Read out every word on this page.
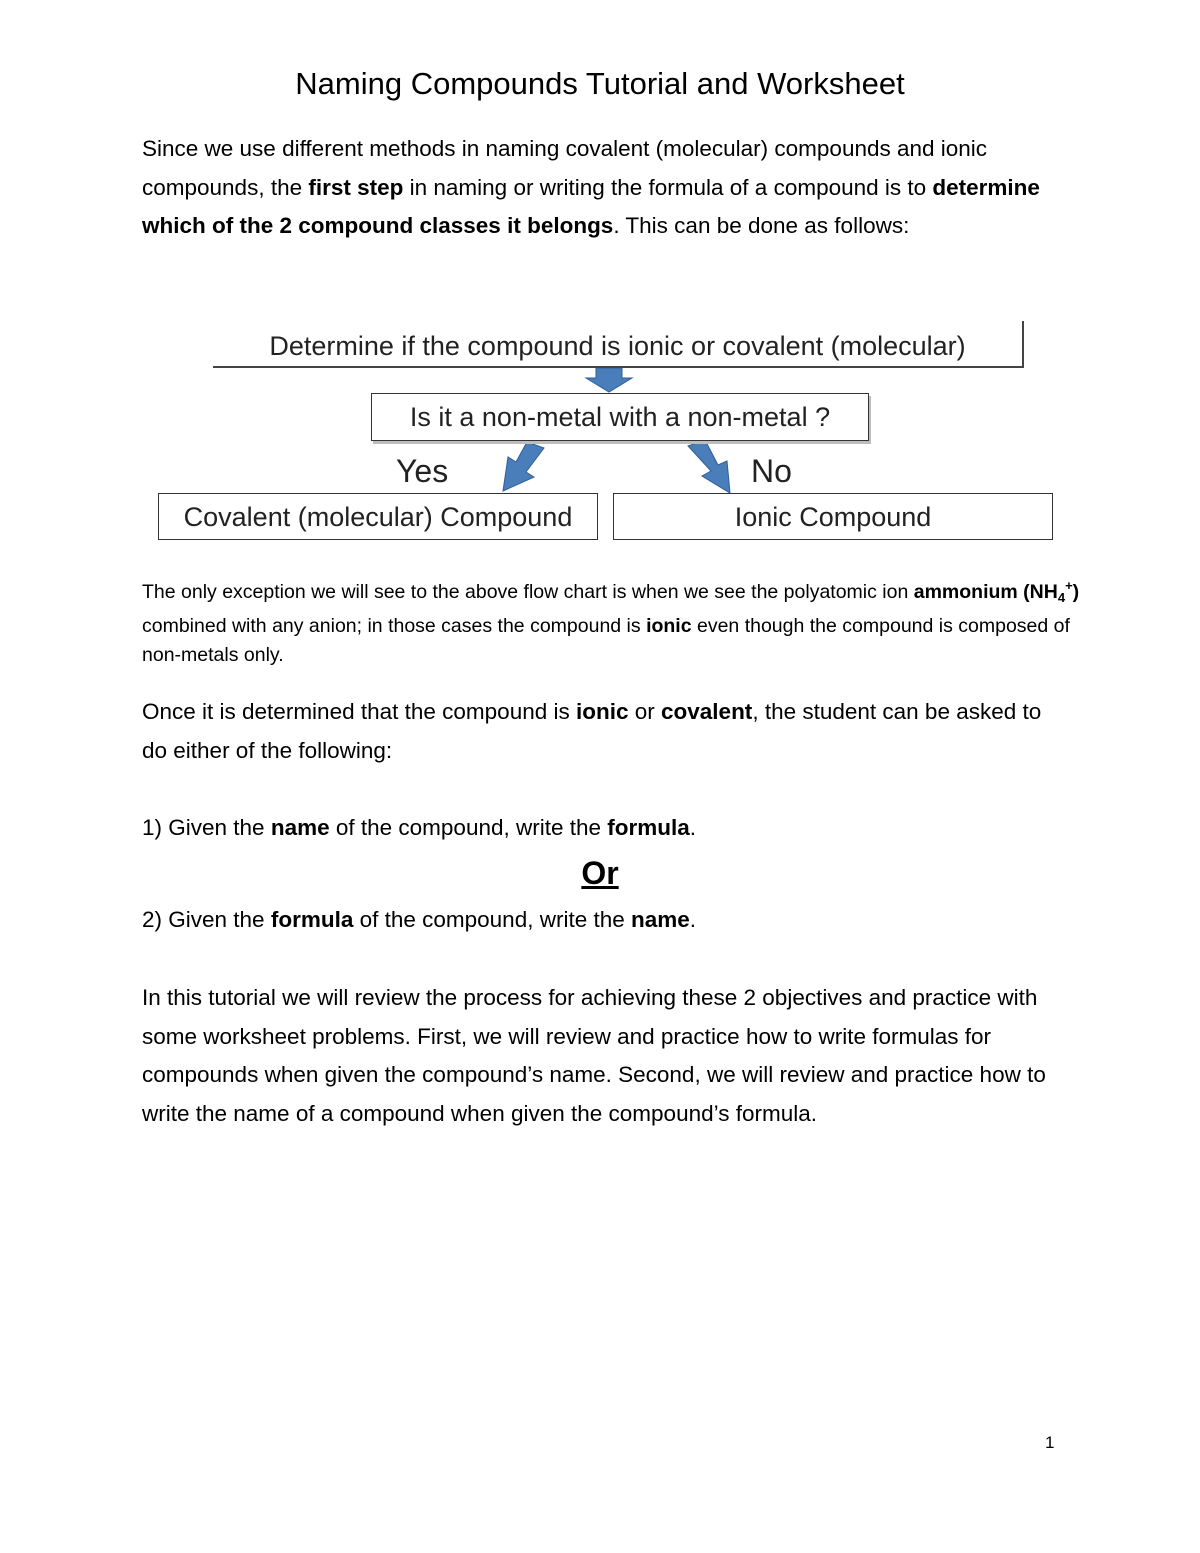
Naming Compounds Tutorial and Worksheet
Since we use different methods in naming covalent (molecular) compounds and ionic compounds, the first step in naming or writing the formula of a compound is to determine which of the 2 compound classes it belongs. This can be done as follows:
Determine if the compound is ionic or covalent (molecular)
Is it a non-metal with a non-metal ?
Yes	No
Covalent (molecular) Compound	Ionic Compound
The only exception we will see to the above flow chart is when we see the polyatomic ion ammonium $(NH_4^+)$ combined with any anion; in those cases the compound is ionic even though the compound is composed of non-metals only.
Once it is determined that the compound is ionic or covalent, the student can be asked to do either of the following:
1) Given the name of the compound, write the formula.
Or
2) Given the formula of the compound, write the name.
In this tutorial we will review the process for achieving these 2 objectives and practice with some worksheet problems. First, we will review and practice how to write formulas for compounds when given the compound’s name. Second, we will review and practice how to write the name of a compound when given the compound’s formula.
1
